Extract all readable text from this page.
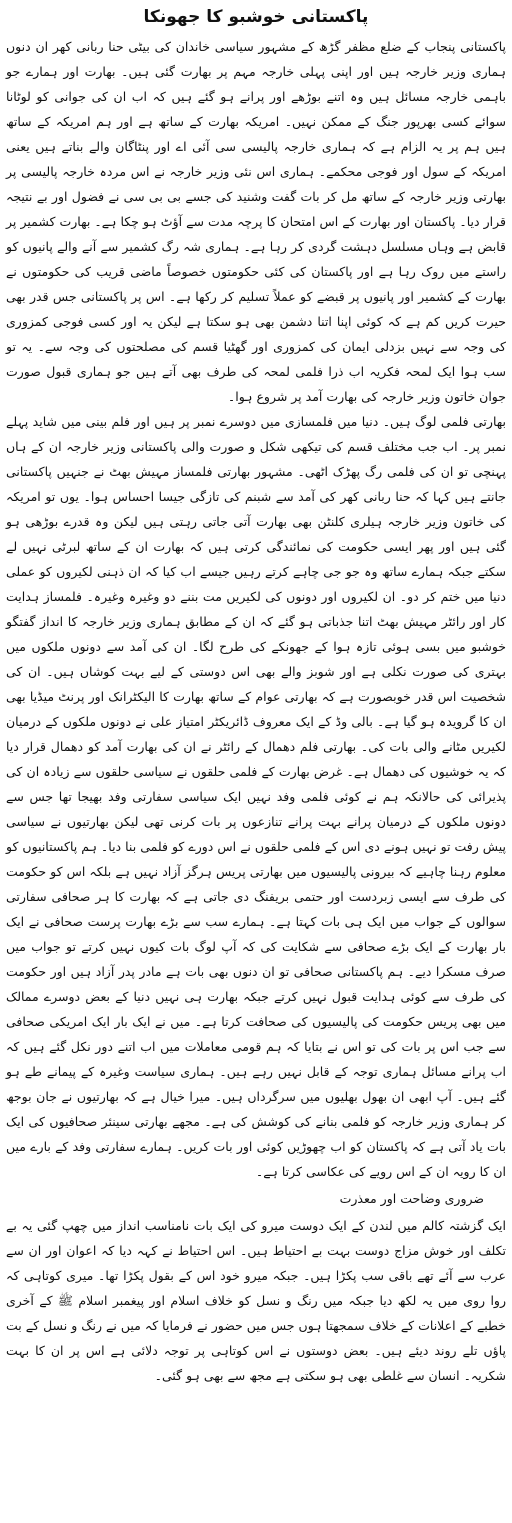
پاکستانی خوشبو کا جھونکا

پاکستانی پنجاب کے ضلع مظفر گڑھ کے مشہور سیاسی خاندان کی بیٹی حنا ربانی کھر ان دنوں ہماری وزیر خارجہ ہیں اور اپنی پہلی خارجہ مہم پر بھارت گئی ہیں۔ بھارت اور ہمارے جو باہمی خارجہ مسائل ہیں وہ اتنے بوڑھے اور پرانے ہو گئے ہیں کہ اب ان کی جوانی کو لوٹانا سوائے کسی بھرپور جنگ کے ممکن نہیں۔ امریکہ بھارت کے ساتھ ہے اور ہم امریکہ کے ساتھ ہیں ہم پر یہ الزام ہے کہ ہماری خارجہ پالیسی سی آئی اے اور پنٹاگان والے بناتے ہیں یعنی امریکہ کے سول اور فوجی محکمے۔ ہماری اس نئی وزیر خارجہ نے اس مردہ خارجہ پالیسی پر بھارتی وزیر خارجہ کے ساتھ مل کر بات گفت وشنید کی جسے بی بی سی نے فضول اور بے نتیجہ قرار دیا۔ پاکستان اور بھارت کے اس امتحان کا پرچہ مدت سے آؤٹ ہو چکا ہے۔ بھارت کشمیر پر قابض ہے وہاں مسلسل دہشت گردی کر رہا ہے۔ ہماری شہ رگ کشمیر سے آنے والے پانیوں کو راستے میں روک رہا ہے اور پاکستان کی کئی حکومتوں خصوصاً ماضی قریب کی حکومتوں نے بھارت کے کشمیر اور پانیوں پر قبضے کو عملاً تسلیم کر رکھا ہے۔ اس پر پاکستانی جس قدر بھی حیرت کریں کم ہے کہ کوئی اپنا اتنا دشمن بھی ہو سکتا ہے لیکن یہ اور کسی فوجی کمزوری کی وجہ سے نہیں بزدلی ایمان کی کمزوری اور گھٹیا قسم کی مصلحتوں کی وجہ سے۔ یہ تو سب ہوا ایک لمحہ فکریہ اب ذرا فلمی لمحہ کی طرف بھی آتے ہیں جو ہماری قبول صورت جوان خاتون وزیر خارجہ کی بھارت آمد پر شروع ہوا۔

بھارتی فلمی لوگ ہیں۔ دنیا میں فلمسازی میں دوسرے نمبر پر ہیں اور فلم بینی میں شاید پہلے نمبر پر۔ اب جب مختلف قسم کی تیکھی شکل و صورت والی پاکستانی وزیر خارجہ ان کے ہاں پہنچی تو ان کی فلمی رگ پھڑک اٹھی۔ مشہور بھارتی فلمساز مہیش بھٹ نے جنہیں پاکستانی جانتے ہیں کہا کہ حنا ربانی کھر کی آمد سے شبنم کی تازگی جیسا احساس ہوا۔ یوں تو امریکہ کی خاتون وزیر خارجہ ہیلری کلنٹن بھی بھارت آتی جاتی رہتی ہیں لیکن وہ قدرے بوڑھی ہو گئی ہیں اور پھر ایسی حکومت کی نمائندگی کرتی ہیں کہ بھارت ان کے ساتھ لبرٹی نہیں لے سکتے جبکہ ہمارے ساتھ وہ جو جی چاہے کرتے رہیں جیسے اب کیا کہ ان ذہنی لکیروں کو عملی دنیا میں ختم کر دو۔ ان لکیروں اور دونوں کی لکیریں مت بننے دو وغیرہ وغیرہ۔ فلمساز ہدایت کار اور رائٹر مہیش بھٹ اتنا جذباتی ہو گئے کہ ان کے مطابق ہماری وزیر خارجہ کا انداز گفتگو خوشبو میں بسی ہوئی تازہ ہوا کے جھونکے کی طرح لگا۔ ان کی آمد سے دونوں ملکوں میں بہتری کی صورت نکلی ہے اور شوبز والے بھی اس دوستی کے لیے بہت کوشاں ہیں۔ ان کی شخصیت اس قدر خوبصورت ہے کہ بھارتی عوام کے ساتھ بھارت کا الیکٹرانک اور پرنٹ میڈیا بھی ان کا گرویدہ ہو گیا ہے۔ بالی وڈ کے ایک معروف ڈائریکٹر امتیاز علی نے دونوں ملکوں کے درمیان لکیریں مٹانے والی بات کی۔ بھارتی فلم دھمال کے رائٹر نے ان کی بھارت آمد کو دھمال قرار دیا کہ یہ خوشیوں کی دھمال ہے۔ غرض بھارت کے فلمی حلقوں نے سیاسی حلقوں سے زیادہ ان کی پذیرائی کی حالانکہ ہم نے کوئی فلمی وفد نہیں ایک سیاسی سفارتی وفد بھیجا تھا جس سے دونوں ملکوں کے درمیان پرانے بہت پرانے تنازعوں پر بات کرنی تھی لیکن بھارتیوں نے سیاسی پیش رفت تو نہیں ہونے دی اس کے فلمی حلقوں نے اس دورے کو فلمی بنا دیا۔ ہم پاکستانیوں کو معلوم رہنا چاہیے کہ بیرونی پالیسیوں میں بھارتی پریس ہرگز آزاد نہیں ہے بلکہ اس کو حکومت کی طرف سے ایسی زبردست اور حتمی بریفنگ دی جاتی ہے کہ بھارت کا ہر صحافی سفارتی سوالوں کے جواب میں ایک ہی بات کہتا ہے۔ ہمارے سب سے بڑے بھارت پرست صحافی نے ایک بار بھارت کے ایک بڑے صحافی سے شکایت کی کہ آپ لوگ بات کیوں نہیں کرتے تو جواب میں صرف مسکرا دیے۔ ہم پاکستانی صحافی تو ان دنوں بھی بات ہے مادر پدر آزاد ہیں اور حکومت کی طرف سے کوئی ہدایت قبول نہیں کرتے جبکہ بھارت ہی نہیں دنیا کے بعض دوسرے ممالک میں بھی پریس حکومت کی پالیسیوں کی صحافت کرتا ہے۔ میں نے ایک بار ایک امریکی صحافی سے جب اس پر بات کی تو اس نے بتایا کہ ہم قومی معاملات میں اب اتنے دور نکل گئے ہیں کہ اب پرانے مسائل ہماری توجہ کے قابل نہیں رہے ہیں۔ ہماری سیاست وغیرہ کے پیمانے طے ہو گئے ہیں۔ آپ ابھی ان بھول بھلیوں میں سرگرداں ہیں۔ میرا خیال ہے کہ بھارتیوں نے جان بوجھ کر ہماری وزیر خارجہ کو فلمی بنانے کی کوشش کی ہے۔ مجھے بھارتی سینئر صحافیوں کی ایک بات یاد آتی ہے کہ پاکستان کو اب چھوڑیں کوئی اور بات کریں۔ ہمارے سفارتی وفد کے بارے میں ان کا رویہ ان کے اس رویے کی عکاسی کرتا ہے۔

ضروری وضاحت اور معذرت

ایک گزشتہ کالم میں لندن کے ایک دوست میرو کی ایک بات نامناسب انداز میں چھپ گئی یہ بے تکلف اور خوش مزاج دوست بہت بے احتیاط ہیں۔ اس احتیاط نے کہہ دیا کہ اعوان اور ان سے عرب سے آئے تھے باقی سب پکڑا ہیں۔ جبکہ میرو خود اس کے بقول پکڑا تھا۔ میری کوتاہی کہ روا روی میں یہ لکھ دیا جبکہ میں رنگ و نسل کو خلاف اسلام اور پیغمبر اسلام ﷺ کے آخری خطبے کے اعلانات کے خلاف سمجھتا ہوں جس میں حضور نے فرمایا کہ میں نے رنگ و نسل کے بت پاؤں تلے روند دیئے ہیں۔ بعض دوستوں نے اس کوتاہی پر توجہ دلائی ہے اس پر ان کا بہت شکریہ۔ انسان سے غلطی بھی ہو سکتی ہے مجھ سے بھی ہو گئی۔
